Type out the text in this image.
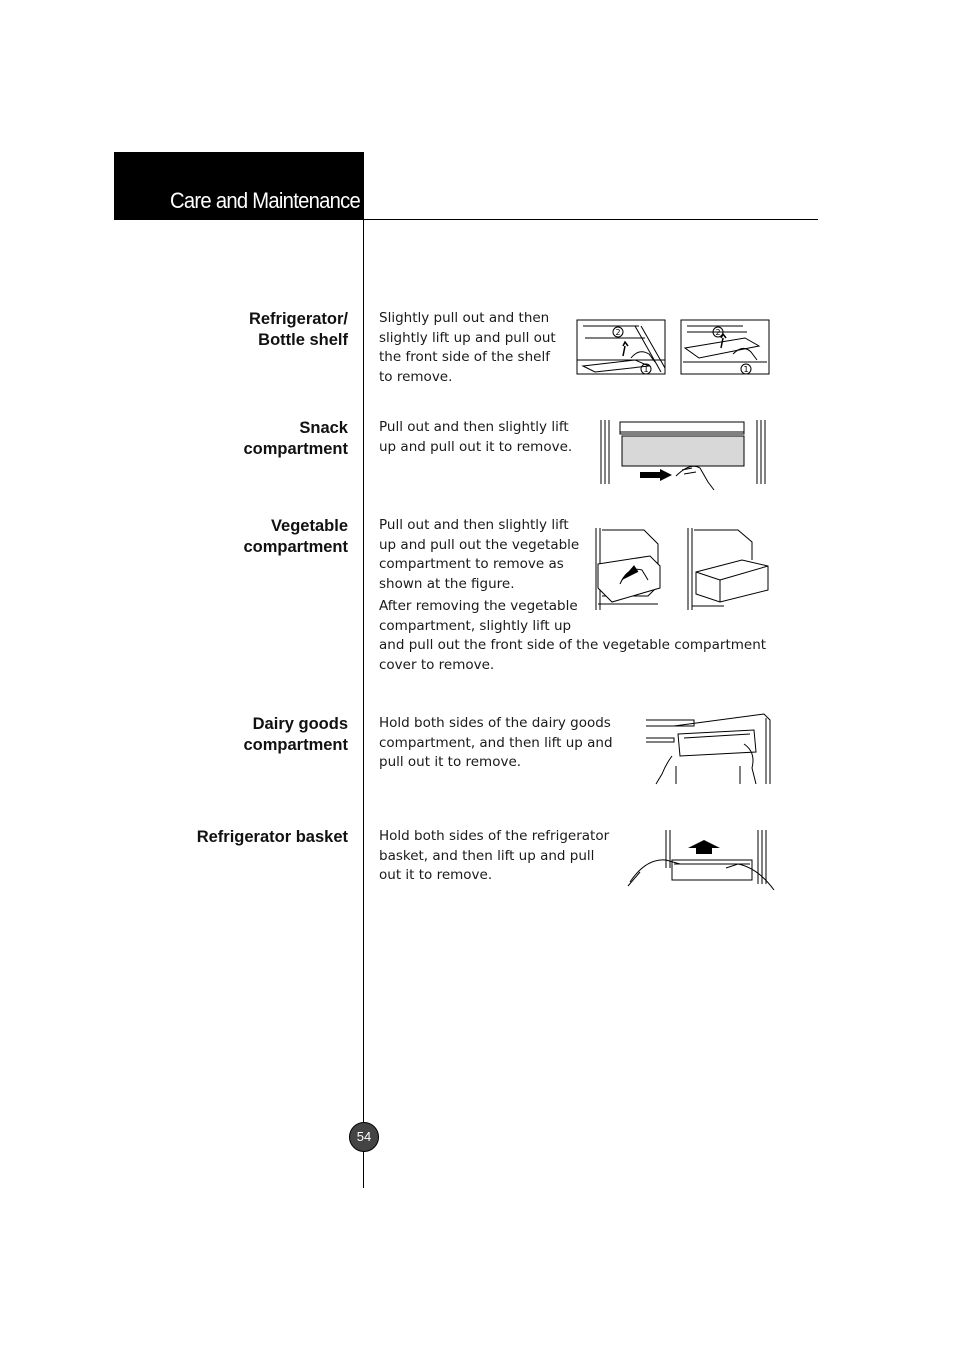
Care and Maintenance
Refrigerator/
Bottle shelf
Slightly pull out and then
slightly lift up and pull out
the front side of the shelf
to remove.
2
1
2
1
Snack
compartment
Pull out and then slightly lift
up and pull out it to remove.
Vegetable
compartment
Pull out and then slightly lift
up and pull out the vegetable
compartment to remove as
shown at the figure.
After removing the vegetable
compartment, slightly lift up
and pull out the front side of the vegetable compartment
cover to remove.
Dairy goods
compartment
Hold both sides of the dairy goods
compartment, and then lift up and
pull out it to remove.
Refrigerator basket Hold both sides of the refrigerator
basket, and then lift up and pull
out it to remove.
54
